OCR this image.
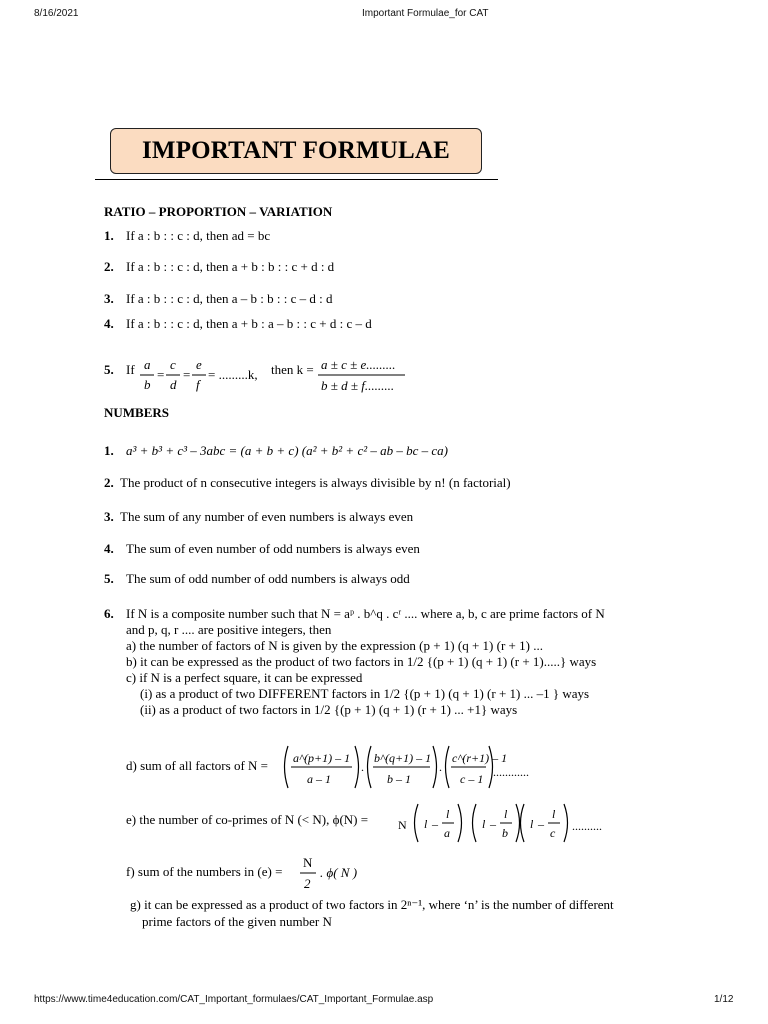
8/16/2021	Important Formulae_for CAT
IMPORTANT FORMULAE
RATIO – PROPORTION – VARIATION
1. If a : b : : c : d, then ad = bc
2. If a : b : : c : d, then a + b : b : : c + d : d
3. If a : b : : c : d, then a – b : b : : c – d : d
4. If a : b : : c : d, then a + b : a – b : : c + d : c – d
5. If a
b
=
c
d
=
e
f
= .........k, then k = a ± c ± e.........
b ± d ± f.........
NUMBERS
1. a³ + b³ + c³ – 3abc = (a + b + c) (a² + b² + c² – ab – bc – ca)
2. The product of n consecutive integers is always divisible by n! (n factorial)
3. The sum of any number of even numbers is always even
4. The sum of even number of odd numbers is always even
5. The sum of odd number of odd numbers is always odd
6. If N is a composite number such that N = aᵖ . b^q . cʳ .... where a, b, c are prime factors of N
and p, q, r .... are positive integers, then
a) the number of factors of N is given by the expression (p + 1) (q + 1) (r + 1) ...
b) it can be expressed as the product of two factors in 1/2 {(p + 1) (q + 1) (r + 1).....} ways
c) if N is a perfect square, it can be expressed
(i) as a product of two DIFFERENT factors in 1/2 {(p + 1) (q + 1) (r + 1) ... –1 } ways
(ii) as a product of two factors in 1/2 {(p + 1) (q + 1) (r + 1) ... +1} ways
d) sum of all factors of N = a^(p+1) – 1
a – 1
.
b^(q+1) – 1
b – 1
.
c^(r+1) – 1
c – 1 ............
e) the number of co-primes of N (< N), ϕ(N) = N l –
l
a
l –
l
b
l –
l
c ..........
f) sum of the numbers in (e) =
N
2
. ϕ( N )
g) it can be expressed as a product of two factors in 2ⁿ⁻¹, where ‘n’ is the number of different
prime factors of the given number N
https://www.time4education.com/CAT_Important_formulaes/CAT_Important_Formulae.asp	1/12
